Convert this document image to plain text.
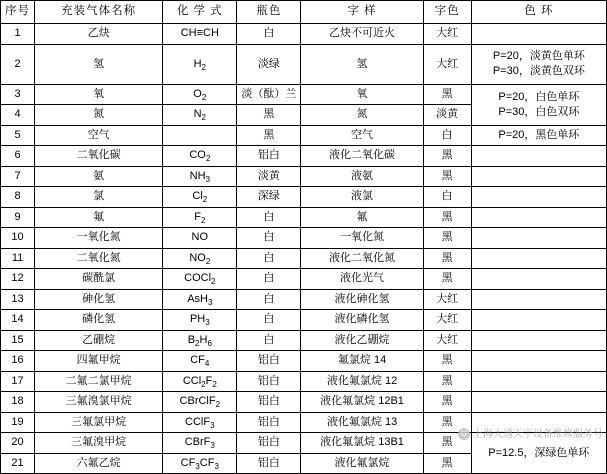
序号	充装气体名称	化 学 式	瓶色	字 样	字色	色 环
1	乙炔	CH≡CH	白	乙炔不可近火	大红	
2	氢	$H_2$	淡绿	氢	大红	P=20，淡黄色单环
P=30，淡黄色双环
3	氧	$O_2$	淡（酞）兰	氧	黑	P=20，白色单环
P=30，白色双环
4	氮	$N_2$	黑	氮	淡黄	
5	空气		黑	空气	白	P=20，黑色单环
6	二氧化碳	$CO_2$	铝白	液化二氧化碳	黑	
7	氨	$NH_3$	淡黄	液氨	黑	
8	氯	$Cl_2$	深绿	液氯	白	
9	氟	$F_2$	白	氟	黑	
10	一氧化氮	NO	白	一氧化氮	黑	
11	二氧化氮	$NO_2$	白	液化二氧化氮	黑	
12	碳酰氯	COCl$_2$	白	液化光气	黑	
13	砷化氢	AsH$_3$	白	液化砷化氢	大红	
14	磷化氢	$PH_3$	白	液化磷化氢	大红	
15	乙硼烷	$B_2H_6$	白	液化乙硼烷	大红	
16	四氟甲烷	$CF_4$	铝白	氟氯烷 14	黑	
17	二氟二氯甲烷	$CCl_2F_2$	铝白	液化氟氯烷 12	黑	
18	三氟溴氯甲烷	CBrClF$_2$	铝白	液化氟氯烷 12B1	黑	
19	三氟氯甲烷	CClF$_3$	铝白	液化氟氯烷 13	黑	
20	三氟溴甲烷	CBrF$_3$	铝白	液化氟氯烷 13B1	黑	P=12.5，深绿色单环
21	六氟乙烷	$CF_3CF_3$	铝白	液化氟氯烷	黑	
U 上海大通天宇设备维修服务号
